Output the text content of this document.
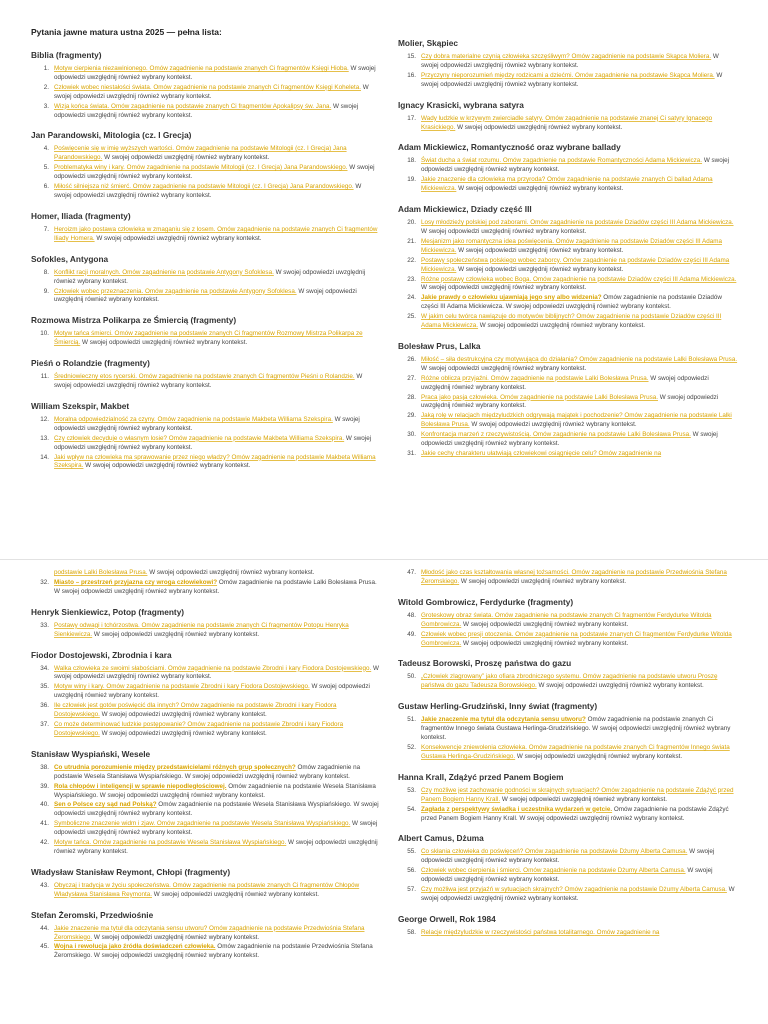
Pytania jawne matura ustna 2025 — pełna lista:
Biblia (fragmenty)
1. Motyw cierpienia niezawinionego. Omów zagadnienie na podstawie znanych Ci fragmentów Księgi Hioba. W swojej odpowiedzi uwzględnij również wybrany kontekst.
2. Człowiek wobec niestałości świata. Omów zagadnienie na podstawie znanych Ci fragmentów Księgi Koheleta. W swojej odpowiedzi uwzględnij również wybrany kontekst.
3. Wizja końca świata. Omów zagadnienie na podstawie znanych Ci fragmentów Apokalipsy św. Jana. W swojej odpowiedzi uwzględnij również wybrany kontekst.
Jan Parandowski, Mitologia (cz. I Grecja)
4. Poświęcenie się w imię wyższych wartości. Omów zagadnienie na podstawie Mitologii (cz. I Grecja) Jana Parandowskiego. W swojej odpowiedzi uwzględnij również wybrany kontekst.
5. Problematyka winy i kary. Omów zagadnienie na podstawie Mitologii (cz. I Grecja) Jana Parandowskiego. W swojej odpowiedzi uwzględnij również wybrany kontekst.
6. Miłość silniejsza niż śmierć. Omów zagadnienie na podstawie Mitologii (cz. I Grecja) Jana Parandowskiego. W swojej odpowiedzi uwzględnij również wybrany kontekst.
Homer, Iliada (fragmenty)
7. Heroizm jako postawa człowieka w zmaganiu się z losem. Omów zagadnienie na podstawie znanych Ci fragmentów Iliady Homera. W swojej odpowiedzi uwzględnij również wybrany kontekst.
Sofokles, Antygona
8. Konflikt racji moralnych. Omów zagadnienie na podstawie Antygony Sofoklesa. W swojej odpowiedzi uwzględnij również wybrany kontekst.
9. Człowiek wobec przeznaczenia. Omów zagadnienie na podstawie Antygony Sofoklesa. W swojej odpowiedzi uwzględnij również wybrany kontekst.
Rozmowa Mistrza Polikarpa ze Śmiercią (fragmenty)
10. Motyw tańca śmierci. Omów zagadnienie na podstawie znanych Ci fragmentów Rozmowy Mistrza Polikarpa ze Śmiercią. W swojej odpowiedzi uwzględnij również wybrany kontekst.
Pieśń o Rolandzie (fragmenty)
11. Średniowieczny etos rycerski. Omów zagadnienie na podstawie znanych Ci fragmentów Pieśni o Rolandzie. W swojej odpowiedzi uwzględnij również wybrany kontekst.
William Szekspir, Makbet
12. Moralna odpowiedzialność za czyny. Omów zagadnienie na podstawie Makbeta Williama Szekspira. W swojej odpowiedzi uwzględnij również wybrany kontekst.
13. Czy człowiek decyduje o własnym losie? Omów zagadnienie na podstawie Makbeta Williama Szekspira. W swojej odpowiedzi uwzględnij również wybrany kontekst.
14. Jaki wpływ na człowieka ma sprawowanie przez niego władzy? Omów zagadnienie na podstawie Makbeta Williama Szekspira. W swojej odpowiedzi uwzględnij również wybrany kontekst.
Molier, Skąpiec
15. Czy dobra materialne czynią człowieka szczęśliwym? Omów zagadnienie na podstawie Skąpca Moliera. W swojej odpowiedzi uwzględnij również wybrany kontekst.
16. Przyczyny nieporozumień między rodzicami a dziećmi. Omów zagadnienie na podstawie Skąpca Moliera. W swojej odpowiedzi uwzględnij również wybrany kontekst.
Ignacy Krasicki, wybrana satyra
17. Wady ludzkie w krzywym zwierciadle satyry. Omów zagadnienie na podstawie znanej Ci satyry Ignacego Krasickiego. W swojej odpowiedzi uwzględnij również wybrany kontekst.
Adam Mickiewicz, Romantyczność oraz wybrane ballady
18. Świat ducha a świat rozumu. Omów zagadnienie na podstawie Romantyczności Adama Mickiewicza. W swojej odpowiedzi uwzględnij również wybrany kontekst.
19. Jakie znaczenie dla człowieka ma przyroda? Omów zagadnienie na podstawie znanych Ci ballad Adama Mickiewicza. W swojej odpowiedzi uwzględnij również wybrany kontekst.
Adam Mickiewicz, Dziady część III
20. Losy młodzieży polskiej pod zaborami. Omów zagadnienie na podstawie Dziadów części III Adama Mickiewicza. W swojej odpowiedzi uwzględnij również wybrany kontekst.
21. Mesjanizm jako romantyczna idea poświęcenia. Omów zagadnienie na podstawie Dziadów części III Adama Mickiewicza. W swojej odpowiedzi uwzględnij również wybrany kontekst.
22. Postawy społeczeństwa polskiego wobec zaborcy. Omów zagadnienie na podstawie Dziadów części III Adama Mickiewicza. W swojej odpowiedzi uwzględnij również wybrany kontekst.
23. Różne postawy człowieka wobec Boga. Omów zagadnienie na podstawie Dziadów części III Adama Mickiewicza. W swojej odpowiedzi uwzględnij również wybrany kontekst.
24. Jakie prawdy o człowieku ujawniają jego sny albo widzenia? Omów zagadnienie na podstawie Dziadów części III Adama Mickiewicza. W swojej odpowiedzi uwzględnij również wybrany kontekst.
25. W jakim celu twórca nawiązuje do motywów biblijnych? Omów zagadnienie na podstawie Dziadów części III Adama Mickiewicza. W swojej odpowiedzi uwzględnij również wybrany kontekst.
Bolesław Prus, Lalka
26. Miłość – siła destrukcyjna czy motywująca do działania? Omów zagadnienie na podstawie Lalki Bolesława Prusa. W swojej odpowiedzi uwzględnij również wybrany kontekst.
27. Różne oblicza przyjaźni. Omów zagadnienie na podstawie Lalki Bolesława Prusa. W swojej odpowiedzi uwzględnij również wybrany kontekst.
28. Praca jako pasja człowieka. Omów zagadnienie na podstawie Lalki Bolesława Prusa. W swojej odpowiedzi uwzględnij również wybrany kontekst.
29. Jaką rolę w relacjach międzyludzkich odgrywają majątek i pochodzenie? Omów zagadnienie na podstawie Lalki Bolesława Prusa. W swojej odpowiedzi uwzględnij również wybrany kontekst.
30. Konfrontacja marzeń z rzeczywistością. Omów zagadnienie na podstawie Lalki Bolesława Prusa. W swojej odpowiedzi uwzględnij również wybrany kontekst.
31. Jakie cechy charakteru ułatwiają człowiekowi osiągnięcie celu? Omów zagadnienie na
podstawie Lalki Bolesława Prusa. W swojej odpowiedzi uwzględnij również wybrany kontekst.
32. Miasto – przestrzeń przyjazna czy wroga człowiekowi? Omów zagadnienie na podstawie Lalki Bolesława Prusa. W swojej odpowiedzi uwzględnij również wybrany kontekst.
Henryk Sienkiewicz, Potop (fragmenty)
33. Postawy odwagi i tchórzostwa. Omów zagadnienie na podstawie znanych Ci fragmentów Potopu Henryka Sienkiewicza. W swojej odpowiedzi uwzględnij również wybrany kontekst.
Fiodor Dostojewski, Zbrodnia i kara
34. Walka człowieka ze swoimi słabościami. Omów zagadnienie na podstawie Zbrodni i kary Fiodora Dostojewskiego. W swojej odpowiedzi uwzględnij również wybrany kontekst.
35. Motyw winy i kary. Omów zagadnienie na podstawie Zbrodni i kary Fiodora Dostojewskiego. W swojej odpowiedzi uwzględnij również wybrany kontekst.
36. Ile człowiek jest gotów poświęcić dla innych? Omów zagadnienie na podstawie Zbrodni i kary Fiodora Dostojewskiego. W swojej odpowiedzi uwzględnij również wybrany kontekst.
37. Co może determinować ludzkie postępowanie? Omów zagadnienie na podstawie Zbrodni i kary Fiodora Dostojewskiego. W swojej odpowiedzi uwzględnij również wybrany kontekst.
Stanisław Wyspiański, Wesele
38. Co utrudnia porozumienie między przedstawicielami różnych grup społecznych? Omów zagadnienie na podstawie Wesela Stanisława Wyspiańskiego. W swojej odpowiedzi uwzględnij również wybrany kontekst.
39. Rola chłopów i inteligencji w sprawie niepodległościowej. Omów zagadnienie na podstawie Wesela Stanisława Wyspiańskiego. W swojej odpowiedzi uwzględnij również wybrany kontekst.
40. Sen o Polsce czy sąd nad Polską? Omów zagadnienie na podstawie Wesela Stanisława Wyspiańskiego. W swojej odpowiedzi uwzględnij również wybrany kontekst.
41. Symboliczne znaczenie widm i zjaw. Omów zagadnienie na podstawie Wesela Stanisława Wyspiańskiego. W swojej odpowiedzi uwzględnij również wybrany kontekst.
42. Motyw tańca. Omów zagadnienie na podstawie Wesela Stanisława Wyspiańskiego. W swojej odpowiedzi uwzględnij również wybrany kontekst.
Władysław Stanisław Reymont, Chłopi (fragmenty)
43. Obyczaj i tradycja w życiu społeczeństwa. Omów zagadnienie na podstawie znanych Ci fragmentów Chłopów Władysława Stanisława Reymonta. W swojej odpowiedzi uwzględnij również wybrany kontekst.
Stefan Żeromski, Przedwiośnie
44. Jakie znaczenie ma tytuł dla odczytania sensu utworu? Omów zagadnienie na podstawie Przedwiośnia Stefana Żeromskiego. W swojej odpowiedzi uwzględnij również wybrany kontekst.
45. Wojna i rewolucja jako źródła doświadczeń człowieka. Omów zagadnienie na podstawie Przedwiośnia Stefana Żeromskiego. W swojej odpowiedzi uwzględnij również wybrany kontekst.
47. Młodość jako czas kształtowania własnej tożsamości. Omów zagadnienie na podstawie Przedwiośnia Stefana Żeromskiego. W swojej odpowiedzi uwzględnij również wybrany kontekst.
Witold Gombrowicz, Ferdydurke (fragmenty)
48. Groteskowy obraz świata. Omów zagadnienie na podstawie znanych Ci fragmentów Ferdydurke Witolda Gombrowicza. W swojej odpowiedzi uwzględnij również wybrany kontekst.
49. Człowiek wobec presji otoczenia. Omów zagadnienie na podstawie znanych Ci fragmentów Ferdydurke Witolda Gombrowicza. W swojej odpowiedzi uwzględnij również wybrany kontekst.
Tadeusz Borowski, Proszę państwa do gazu
50. „Człowiek zlagrowany” jako ofiara zbrodniczego systemu. Omów zagadnienie na podstawie utworu Proszę państwa do gazu Tadeusza Borowskiego. W swojej odpowiedzi uwzględnij również wybrany kontekst.
Gustaw Herling-Grudziński, Inny świat (fragmenty)
51. Jakie znaczenie ma tytuł dla odczytania sensu utworu? Omów zagadnienie na podstawie znanych Ci fragmentów Innego świata Gustawa Herlinga-Grudzińskiego. W swojej odpowiedzi uwzględnij również wybrany kontekst.
52. Konsekwencje zniewolenia człowieka. Omów zagadnienie na podstawie znanych Ci fragmentów Innego świata Gustawa Herlinga-Grudzińskiego. W swojej odpowiedzi uwzględnij również wybrany kontekst.
Hanna Krall, Zdążyć przed Panem Bogiem
53. Czy możliwe jest zachowanie godności w skrajnych sytuacjach? Omów zagadnienie na podstawie Zdążyć przed Panem Bogiem Hanny Krall. W swojej odpowiedzi uwzględnij również wybrany kontekst.
54. Zagłada z perspektywy świadka i uczestnika wydarzeń w getcie. Omów zagadnienie na podstawie Zdążyć przed Panem Bogiem Hanny Krall. W swojej odpowiedzi uwzględnij również wybrany kontekst.
Albert Camus, Dżuma
55. Co skłania człowieka do poświęceń? Omów zagadnienie na podstawie Dżumy Alberta Camusa. W swojej odpowiedzi uwzględnij również wybrany kontekst.
56. Człowiek wobec cierpienia i śmierci. Omów zagadnienie na podstawie Dżumy Alberta Camusa. W swojej odpowiedzi uwzględnij również wybrany kontekst.
57. Czy możliwa jest przyjaźń w sytuacjach skrajnych? Omów zagadnienie na podstawie Dżumy Alberta Camusa. W swojej odpowiedzi uwzględnij również wybrany kontekst.
George Orwell, Rok 1984
58. Relacje międzyludzkie w rzeczywistości państwa totalitarnego. Omów zagadnienie na
